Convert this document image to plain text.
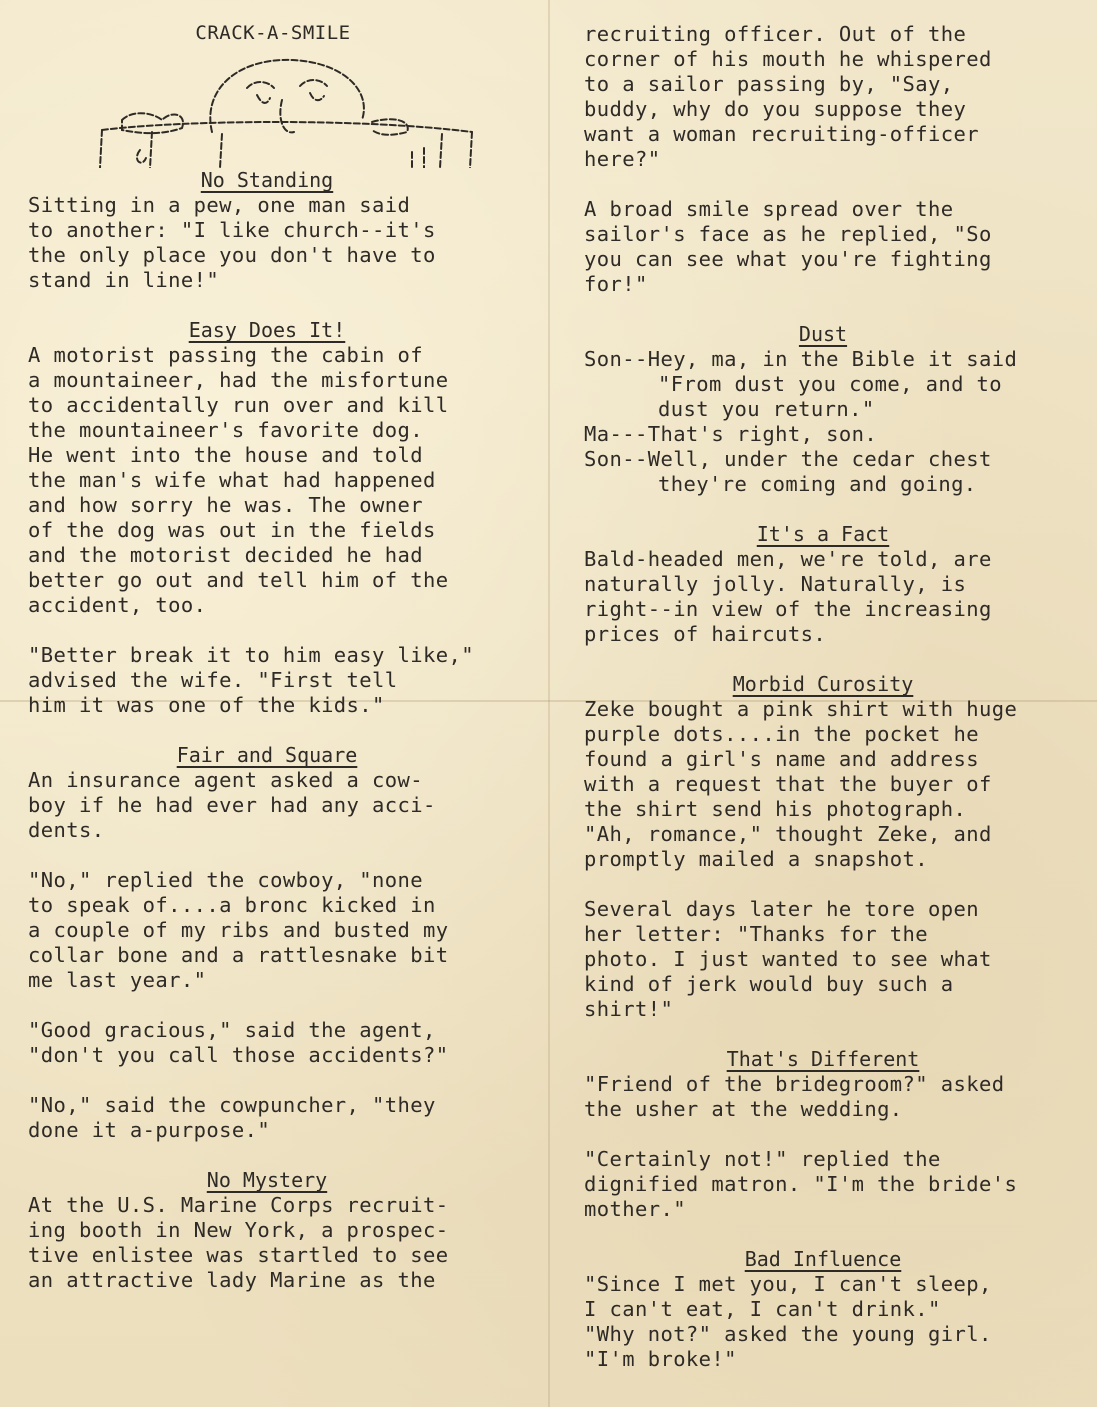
CRACK-A-SMILE
No Standing

Sitting in a pew, one man said
to another: "I like church--it's
the only place you don't have to
stand in line!"

Easy Does It!

A motorist passing the cabin of
a mountaineer, had the misfortune
to accidentally run over and kill
the mountaineer's favorite dog.
He went into the house and told
the man's wife what had happened
and how sorry he was. The owner
of the dog was out in the fields
and the motorist decided he had
better go out and tell him of the
accident, too.

"Better break it to him easy like,"
advised the wife. "First tell
him it was one of the kids."

Fair and Square

An insurance agent asked a cow-
boy if he had ever had any acci-
dents.

"No," replied the cowboy, "none
to speak of....a bronc kicked in
a couple of my ribs and busted my
collar bone and a rattlesnake bit
me last year."

"Good gracious," said the agent,
"don't you call those accidents?"

"No," said the cowpuncher, "they
done it a-purpose."

No Mystery

At the U.S. Marine Corps recruit-
ing booth in New York, a prospec-
tive enlistee was startled to see
an attractive lady Marine as the

recruiting officer. Out of the
corner of his mouth he whispered
to a sailor passing by, "Say,
buddy, why do you suppose they
want a woman recruiting-officer
here?"

A broad smile spread over the
sailor's face as he replied, "So
you can see what you're fighting
for!"

Dust

Son--Hey, ma, in the Bible it said

"From dust you come, and to
dust you return."

Ma---That's right, son.

Son--Well, under the cedar chest

they're coming and going.

It's a Fact

Bald-headed men, we're told, are
naturally jolly. Naturally, is
right--in view of the increasing
prices of haircuts.

Morbid Curosity

Zeke bought a pink shirt with huge
purple dots....in the pocket he
found a girl's name and address
with a request that the buyer of
the shirt send his photograph.
"Ah, romance," thought Zeke, and
promptly mailed a snapshot.

Several days later he tore open
her letter: "Thanks for the
photo. I just wanted to see what
kind of jerk would buy such a
shirt!"

That's Different

"Friend of the bridegroom?" asked
the usher at the wedding.

"Certainly not!" replied the
dignified matron. "I'm the bride's
mother."

Bad Influence

"Since I met you, I can't sleep,
I can't eat, I can't drink."
"Why not?" asked the young girl.
"I'm broke!"
